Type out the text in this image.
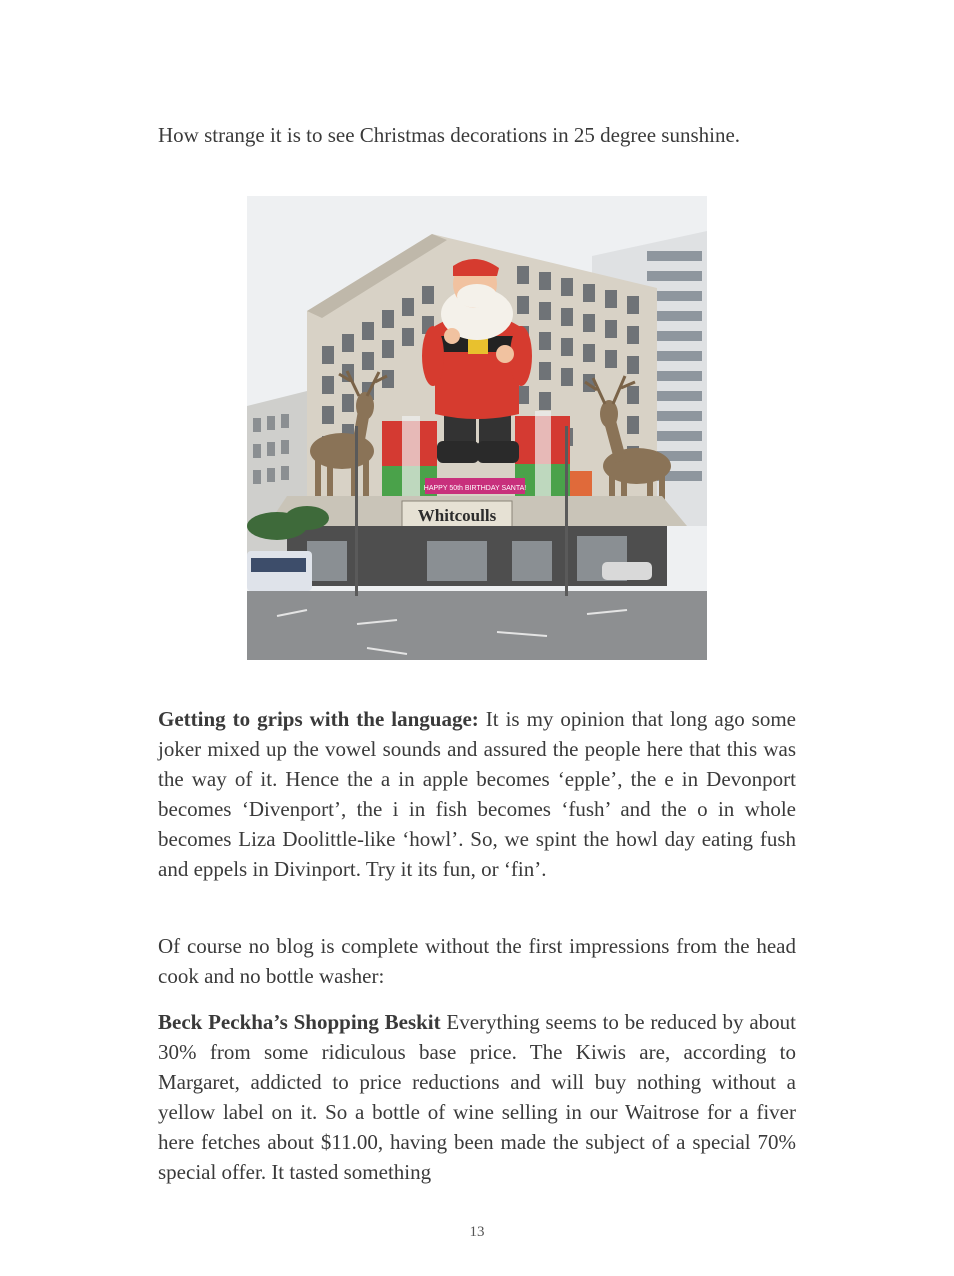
How strange it is to see Christmas decorations in 25 degree sunshine.

HAPPY 50th BIRTHDAY SANTA!
Whitcoulls

Getting to grips with the language: It is my opinion that long ago some joker mixed up the vowel sounds and assured the people here that this was the way of it. Hence the a in apple becomes ‘epple’, the e in Devonport becomes ‘Divenport’, the i in fish becomes ‘fush’ and the o in whole becomes Liza Doolittle-like ‘howl’. So, we spint the howl day eating fush and eppels in Divinport. Try it its fun, or ‘fin’.

Of course no blog is complete without the first impressions from the head cook and no bottle washer:

Beck Peckha’s Shopping Beskit Everything seems to be reduced by about 30% from some ridiculous base price. The Kiwis are, according to Margaret, addicted to price reductions and will buy nothing without a yellow label on it. So a bottle of wine selling in our Waitrose for a fiver here fetches about $11.00, having been made the subject of a special 70% special offer. It tasted something

13
